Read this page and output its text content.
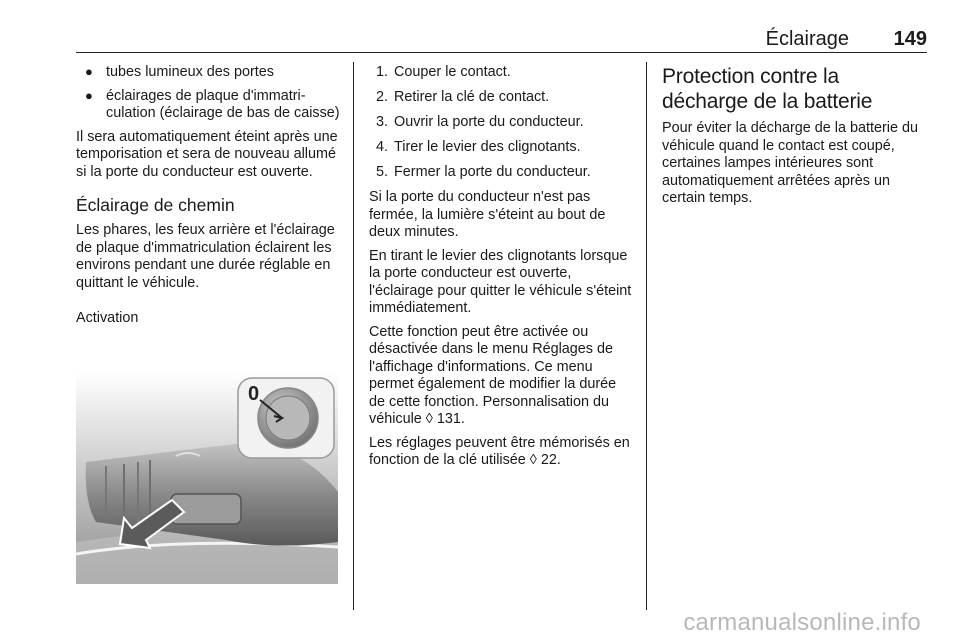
Éclairage 149
● tubes lumineux des portes
● éclairages de plaque d'immatriculation (éclairage de bas de caisse)

Il sera automatiquement éteint après une temporisation et sera de nouveau allumé si la porte du conducteur est ouverte.

Éclairage de chemin

Les phares, les feux arrière et l'éclairage de plaque d'immatriculation éclairent les environs pendant une durée réglable en quittant le véhicule.

Activation
0
1. Couper le contact.
2. Retirer la clé de contact.
3. Ouvrir la porte du conducteur.
4. Tirer le levier des clignotants.
5. Fermer la porte du conducteur.

Si la porte du conducteur n'est pas fermée, la lumière s'éteint au bout de deux minutes.

En tirant le levier des clignotants lorsque la porte conducteur est ouverte, l'éclairage pour quitter le véhicule s'éteint immédiatement.

Cette fonction peut être activée ou désactivée dans le menu Réglages de l'affichage d'informations. Ce menu permet également de modifier la durée de cette fonction. Personnalisation du véhicule ◊ 131.

Les réglages peuvent être mémorisés en fonction de la clé utilisée ◊ 22.

Protection contre la décharge de la batterie

Pour éviter la décharge de la batterie du véhicule quand le contact est coupé, certaines lampes intérieures sont automatiquement arrêtées après un certain temps.

carmanualsonline.info
